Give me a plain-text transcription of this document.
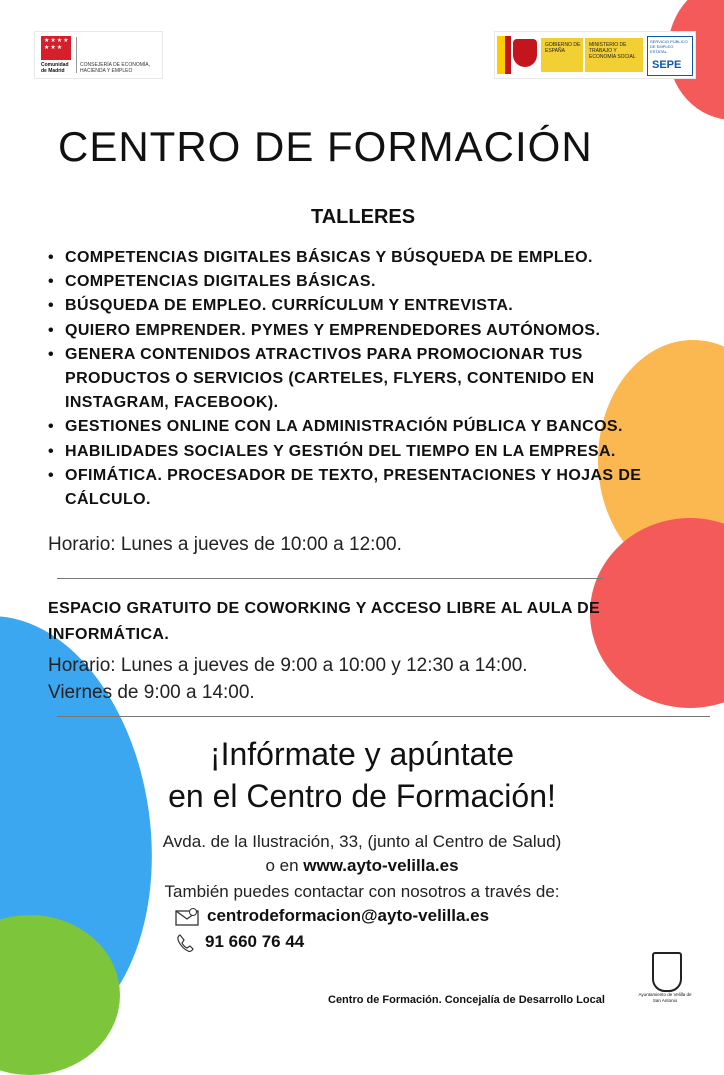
★★★★
★★★
Comunidad de Madrid
CONSEJERÍA DE ECONOMÍA, HACIENDA Y EMPLEO
GOBIERNO DE ESPAÑA
MINISTERIO DE TRABAJO Y ECONOMÍA SOCIAL
SERVICIO PÚBLICO DE EMPLEO ESTATAL
SEPE
CENTRO DE FORMACIÓN
TALLERES
• COMPETENCIAS DIGITALES BÁSICAS Y BÚSQUEDA DE EMPLEO.
• COMPETENCIAS DIGITALES BÁSICAS.
• BÚSQUEDA DE EMPLEO. CURRÍCULUM Y ENTREVISTA.
• QUIERO EMPRENDER. PYMES Y EMPRENDEDORES AUTÓNOMOS.
• GENERA CONTENIDOS ATRACTIVOS PARA PROMOCIONAR TUS PRODUCTOS O SERVICIOS (CARTELES, FLYERS, CONTENIDO EN INSTAGRAM, FACEBOOK).
• GESTIONES ONLINE CON LA ADMINISTRACIÓN PÚBLICA Y BANCOS.
• HABILIDADES SOCIALES Y GESTIÓN DEL TIEMPO EN LA EMPRESA.
• OFIMÁTICA. PROCESADOR DE TEXTO, PRESENTACIONES Y HOJAS DE CÁLCULO.
Horario: Lunes a jueves de 10:00 a 12:00.
ESPACIO GRATUITO DE COWORKING Y ACCESO LIBRE AL AULA DE INFORMÁTICA.
Horario: Lunes a jueves de 9:00 a 10:00 y 12:30 a 14:00.
Viernes de 9:00 a 14:00.
¡Infórmate y apúntate
en el Centro de Formación!
Avda. de la Ilustración, 33, (junto al Centro de Salud)
o en www.ayto-velilla.es
También puedes contactar con nosotros a través de:
centrodeformacion@ayto-velilla.es
91 660 76 44
Centro de Formación. Concejalía de Desarrollo Local	Ayuntamiento de Velilla de San Antonio
